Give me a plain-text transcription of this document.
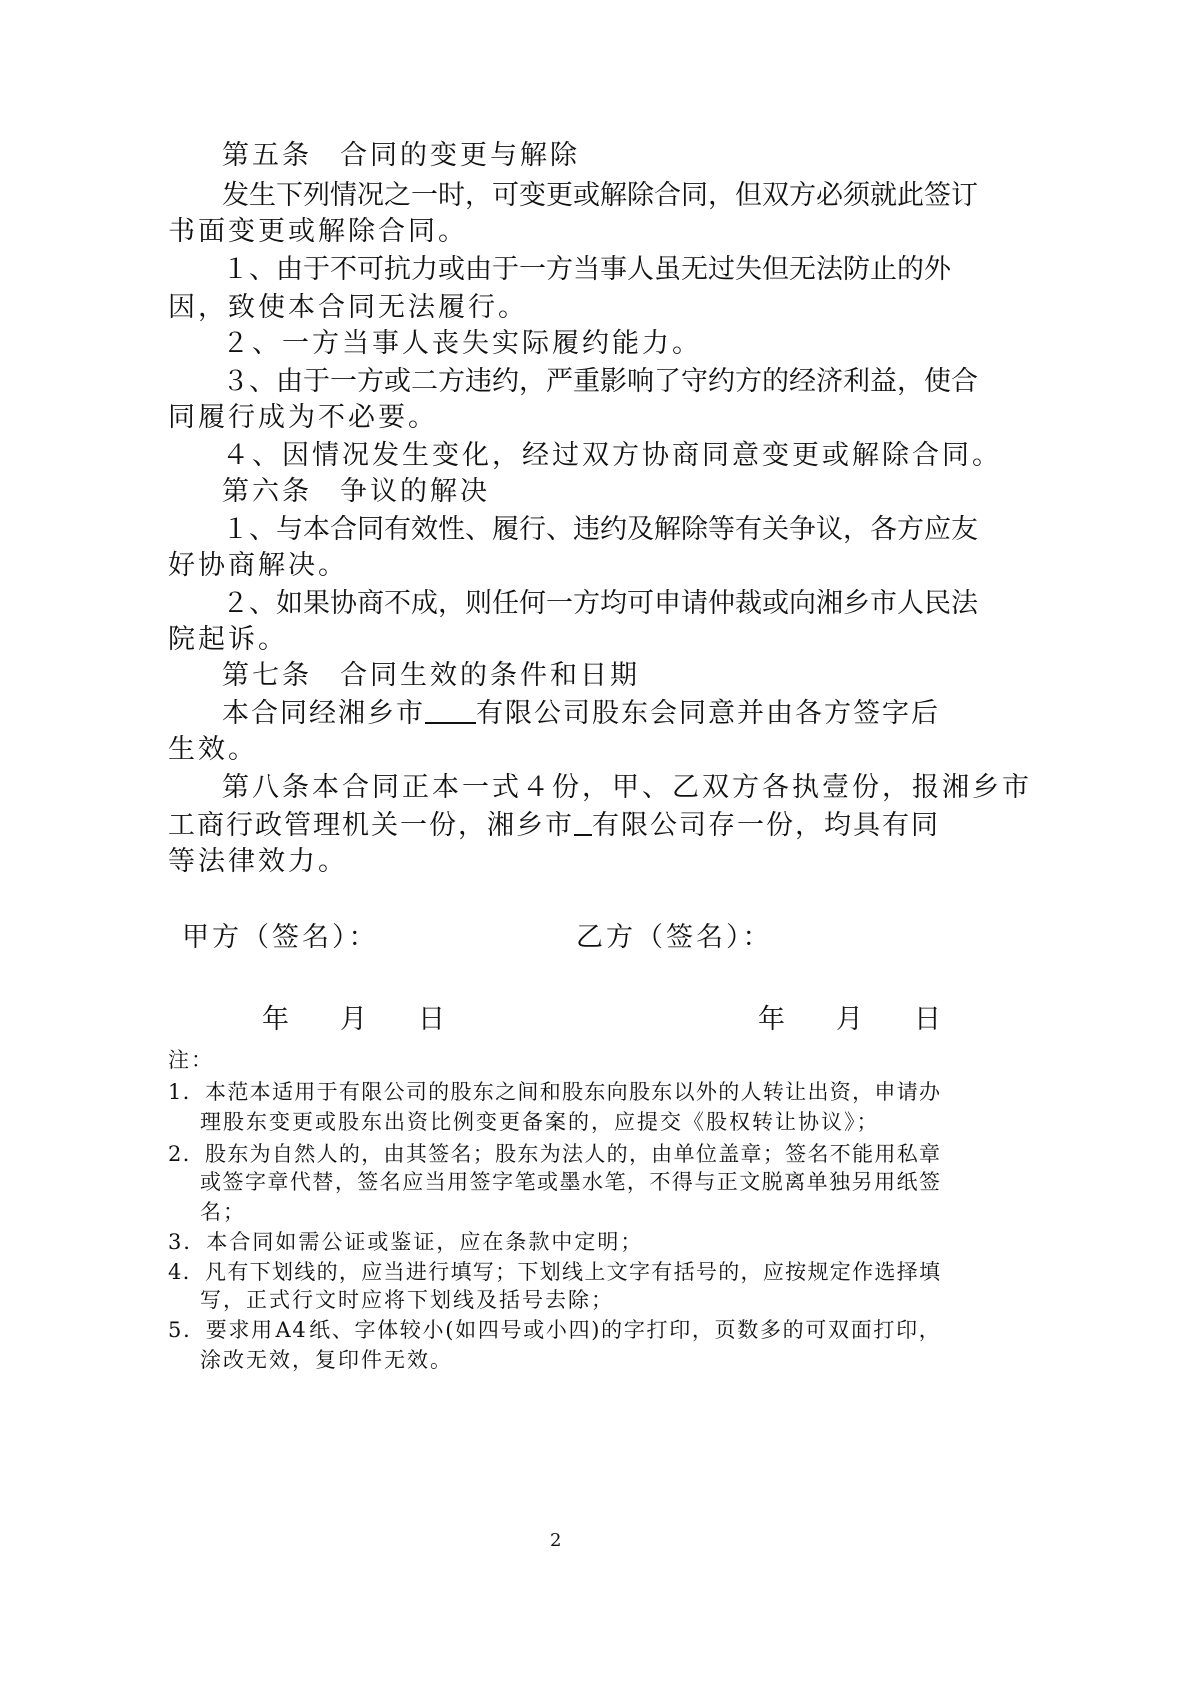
第五条 合同的变更与解除
发 生 下 列 情 况 之 一 时 ， 可 变 更 或 解 除 合 同 ， 但 双 方 必 须 就 此 签 订
书面变更或解除合同。
１ 、 由 于 不 可 抗 力 或 由 于 一 方 当 事 人 虽 无 过 失 但 无 法 防 止 的 外
因，致使本合同无法履行。
２、一方当事人丧失实际履约能力。
３ 、 由 于 一 方 或 二 方 违 约 ， 严 重 影 响 了 守 约 方 的 经 济 利 益 ， 使 合
同履行成为不必要。
４、因情况发生变化，经过双方协商同意变更或解除合同。
第六条 争议的解决
１ 、 与 本 合 同 有 效 性 、 履 行 、 违 约 及 解 除 等 有 关 争 议 ， 各 方 应 友
好协商解决。
２ 、 如 果 协 商 不 成 ， 则 任 何 一 方 均 可 申 请 仲 裁 或 向 湘 乡 市 人 民 法
院起诉。
第七条 合同生效的条件和日期
本合同经湘乡市 有限公司股东会同意并由各方签字后
生效。
第八条 本合同正本一式４份，甲、乙双方各执壹份，报湘乡市
工商行政管理机关一份，湘乡市 有限公司存一份，均具有同
等法律效力。
甲方（签名）：	乙方（签名）：
年 月 日	年 月 日
注：
1 ． 本 范 本 适 用 于 有 限 公 司 的 股 东 之 间 和 股 东 向 股 东 以 外 的 人 转 让 出 资 ， 申 请 办
理股东变更或股东出资比例变更备案的，应提交《股权转让协议》；
2 ． 股 东 为 自 然 人 的 ， 由 其 签 名 ； 股 东 为 法 人 的 ， 由 单 位 盖 章 ； 签 名 不 能 用 私 章
或 签 字 章 代 替 ， 签 名 应 当 用 签 字 笔 或 墨 水 笔 ， 不 得 与 正 文 脱 离 单 独 另 用 纸 签
名；
3．本合同如需公证或鉴证，应在条款中定明；
4 ． 凡 有 下 划 线 的 ， 应 当 进 行 填 写 ； 下 划 线 上 文 字 有 括 号 的 ， 应 按 规 定 作 选 择 填
写，正式行文时应将下划线及括号去除；
5 ． 要 求 用 A 4 纸 、 字 体 较 小 ( 如 四 号 或 小 四 ) 的 字 打 印 ， 页 数 多 的 可 双 面 打 印 ，
涂改无效，复印件无效。
2
